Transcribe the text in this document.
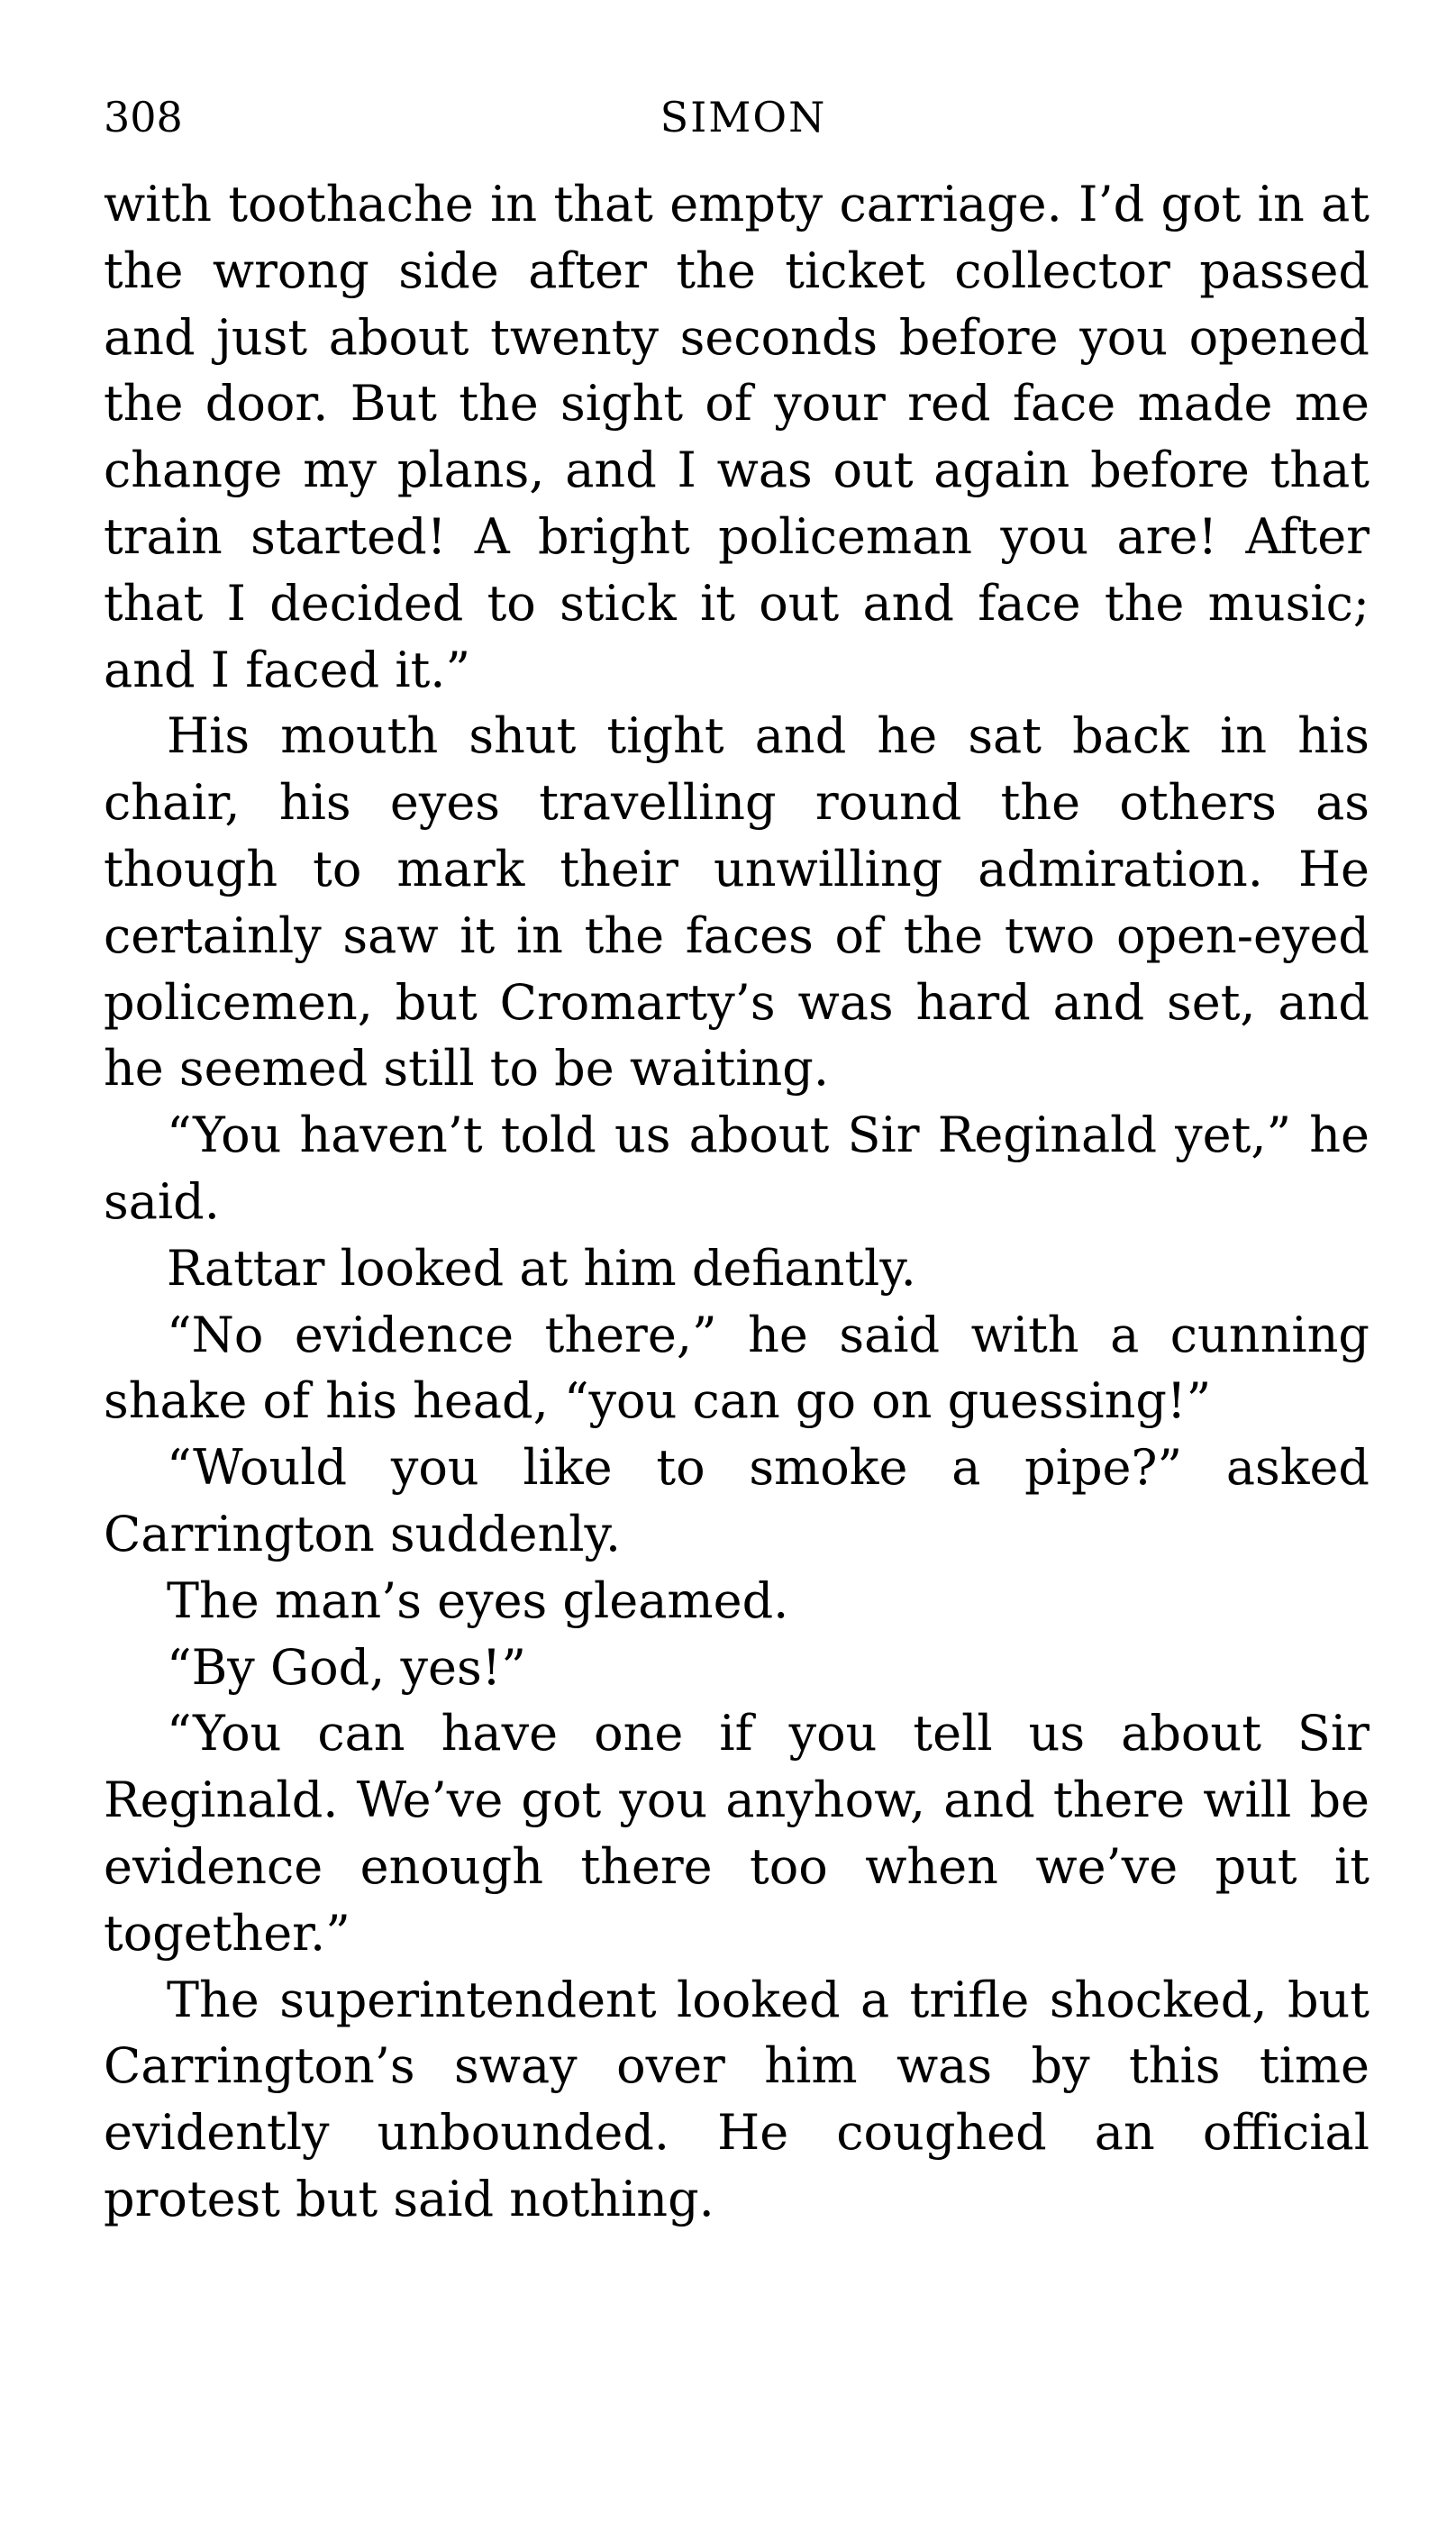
308	SIMON

with toothache in that empty carriage. I’d got in at the wrong side after the ticket collector passed and just about twenty seconds before you opened the door. But the sight of your red face made me change my plans, and I was out again before that train started! A bright policeman you are! After that I decided to stick it out and face the music; and I faced it.”

His mouth shut tight and he sat back in his chair, his eyes travelling round the others as though to mark their unwilling admiration. He certainly saw it in the faces of the two open-eyed policemen, but Cromarty’s was hard and set, and he seemed still to be waiting.

“You haven’t told us about Sir Reginald yet,” he said.

Rattar looked at him defiantly.

“No evidence there,” he said with a cunning shake of his head, “you can go on guessing!”

“Would you like to smoke a pipe?” asked Carrington suddenly.

The man’s eyes gleamed.

“By God, yes!”

“You can have one if you tell us about Sir Reginald. We’ve got you anyhow, and there will be evidence enough there too when we’ve put it together.”

The superintendent looked a trifle shocked, but Carrington’s sway over him was by this time evidently unbounded. He coughed an official protest but said nothing.
